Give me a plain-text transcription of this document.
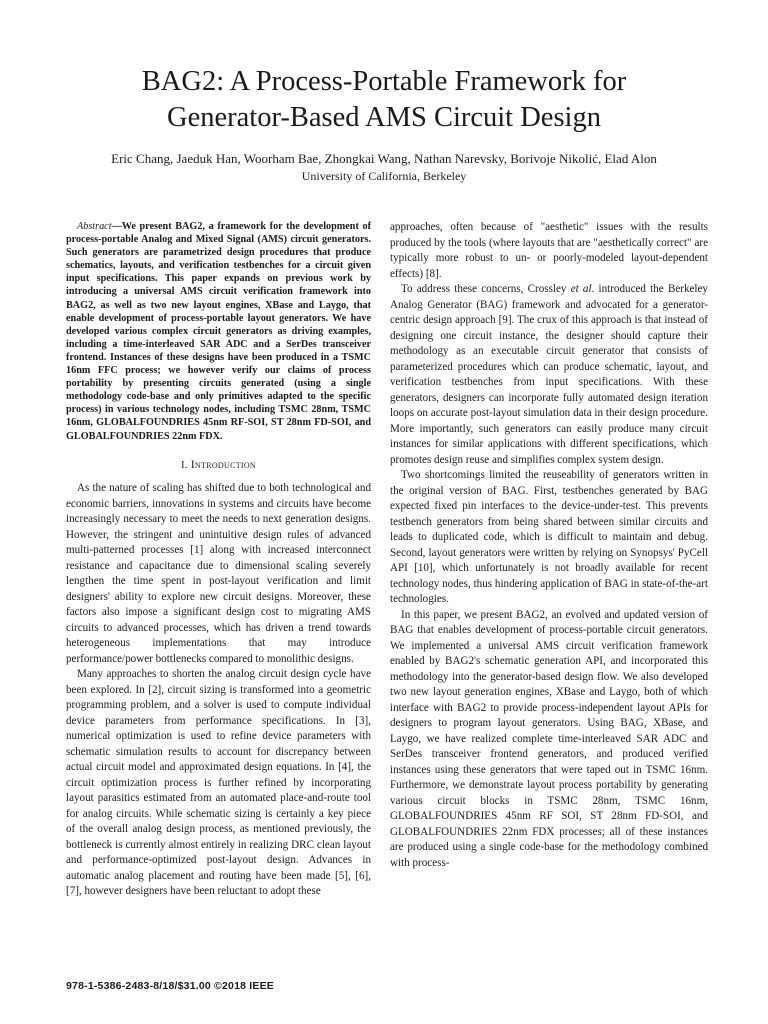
BAG2: A Process-Portable Framework for
Generator-Based AMS Circuit Design
Eric Chang, Jaeduk Han, Woorham Bae, Zhongkai Wang, Nathan Narevsky, Borivoje Nikolić, Elad Alon
University of California, Berkeley

Abstract—We present BAG2, a framework for the development of process-portable Analog and Mixed Signal (AMS) circuit generators. Such generators are parametrized design procedures that produce schematics, layouts, and verification testbenches for a circuit given input specifications. This paper expands on previous work by introducing a universal AMS circuit verification framework into BAG2, as well as two new layout engines, XBase and Laygo, that enable development of process-portable layout generators. We have developed various complex circuit generators as driving examples, including a time-interleaved SAR ADC and a SerDes transceiver frontend. Instances of these designs have been produced in a TSMC 16nm FFC process; we however verify our claims of process portability by presenting circuits generated (using a single methodology code-base and only primitives adapted to the specific process) in various technology nodes, including TSMC 28nm, TSMC 16nm, GLOBALFOUNDRIES 45nm RF-SOI, ST 28nm FD-SOI, and GLOBALFOUNDRIES 22nm FDX.

I. Introduction

As the nature of scaling has shifted due to both technological and economic barriers, innovations in systems and circuits have become increasingly necessary to meet the needs to next generation designs. However, the stringent and unintuitive design rules of advanced multi-patterned processes [1] along with increased interconnect resistance and capacitance due to dimensional scaling severely lengthen the time spent in post-layout verification and limit designers' ability to explore new circuit designs. Moreover, these factors also impose a significant design cost to migrating AMS circuits to advanced processes, which has driven a trend towards heterogeneous implementations that may introduce performance/power bottlenecks compared to monolithic designs.

Many approaches to shorten the analog circuit design cycle have been explored. In [2], circuit sizing is transformed into a geometric programming problem, and a solver is used to compute individual device parameters from performance specifications. In [3], numerical optimization is used to refine device parameters with schematic simulation results to account for discrepancy between actual circuit model and approximated design equations. In [4], the circuit optimization process is further refined by incorporating layout parasitics estimated from an automated place-and-route tool for analog circuits. While schematic sizing is certainly a key piece of the overall analog design process, as mentioned previously, the bottleneck is currently almost entirely in realizing DRC clean layout and performance-optimized post-layout design. Advances in automatic analog placement and routing have been made [5], [6], [7], however designers have been reluctant to adopt these

approaches, often because of "aesthetic" issues with the results produced by the tools (where layouts that are "aesthetically correct" are typically more robust to un- or poorly-modeled layout-dependent effects) [8].

To address these concerns, Crossley et al. introduced the Berkeley Analog Generator (BAG) framework and advocated for a generator-centric design approach [9]. The crux of this approach is that instead of designing one circuit instance, the designer should capture their methodology as an executable circuit generator that consists of parameterized procedures which can produce schematic, layout, and verification testbenches from input specifications. With these generators, designers can incorporate fully automated design iteration loops on accurate post-layout simulation data in their design procedure. More importantly, such generators can easily produce many circuit instances for similar applications with different specifications, which promotes design reuse and simplifies complex system design.

Two shortcomings limited the reuseability of generators written in the original version of BAG. First, testbenches generated by BAG expected fixed pin interfaces to the device-under-test. This prevents testbench generators from being shared between similar circuits and leads to duplicated code, which is difficult to maintain and debug. Second, layout generators were written by relying on Synopsys' PyCell API [10], which unfortunately is not broadly available for recent technology nodes, thus hindering application of BAG in state-of-the-art technologies.

In this paper, we present BAG2, an evolved and updated version of BAG that enables development of process-portable circuit generators. We implemented a universal AMS circuit verification framework enabled by BAG2's schematic generation API, and incorporated this methodology into the generator-based design flow. We also developed two new layout generation engines, XBase and Laygo, both of which interface with BAG2 to provide process-independent layout APIs for designers to program layout generators. Using BAG, XBase, and Laygo, we have realized complete time-interleaved SAR ADC and SerDes transceiver frontend generators, and produced verified instances using these generators that were taped out in TSMC 16nm. Furthermore, we demonstrate layout process portability by generating various circuit blocks in TSMC 28nm, TSMC 16nm, GLOBALFOUNDRIES 45nm RF SOI, ST 28nm FD-SOI, and GLOBALFOUNDRIES 22nm FDX processes; all of these instances are produced using a single code-base for the methodology combined with process-

978-1-5386-2483-8/18/$31.00 ©2018 IEEE
